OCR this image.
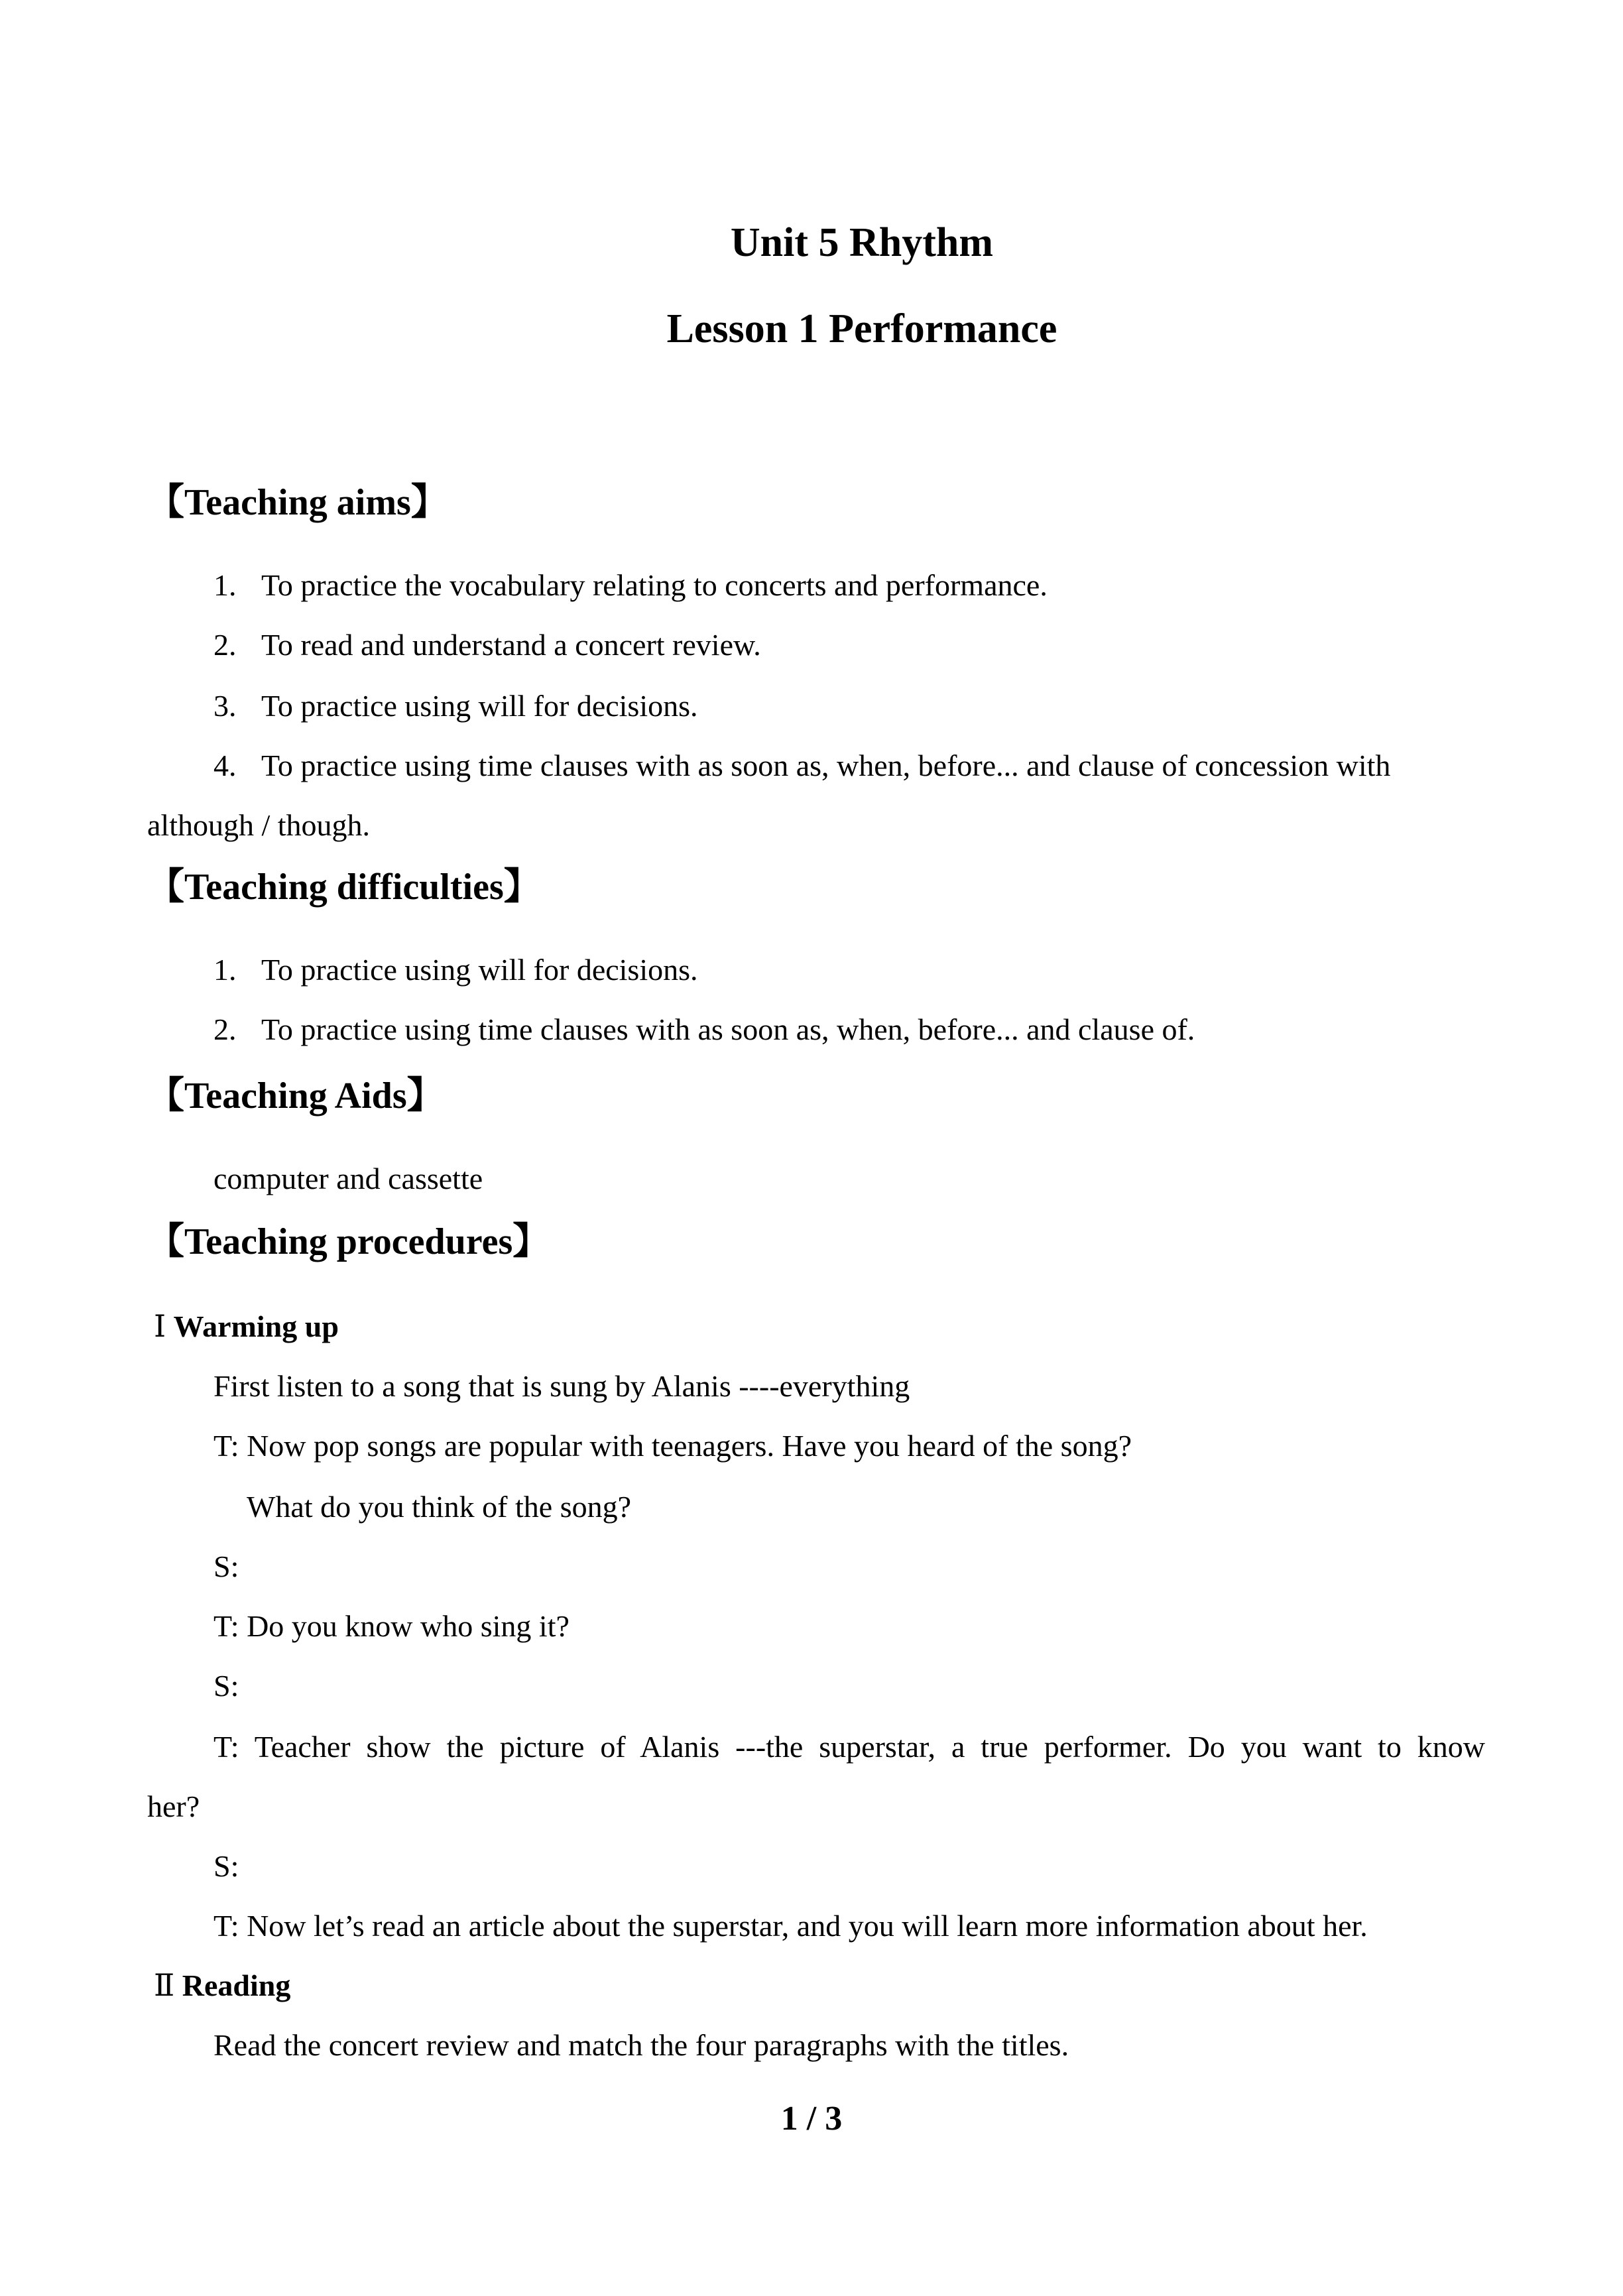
Unit 5 Rhythm
Lesson 1 Performance
【Teaching aims】
1. To practice the vocabulary relating to concerts and performance.
2. To read and understand a concert review.
3. To practice using will for decisions.
4. To practice using time clauses with as soon as, when, before... and clause of concession with
although / though.
【Teaching difficulties】
1. To practice using will for decisions.
2. To practice using time clauses with as soon as, when, before... and clause of.
【Teaching Aids】
computer and cassette
【Teaching procedures】
Ⅰ Warming up
First listen to a song that is sung by Alanis ----everything
T: Now pop songs are popular with teenagers. Have you heard of the song?
What do you think of the song?
S:
T: Do you know who sing it?
S:
T: Teacher show the picture of Alanis ---the superstar, a true performer. Do you want to know
her?
S:
T: Now let’s read an article about the superstar, and you will learn more information about her.
Ⅱ Reading
Read the concert review and match the four paragraphs with the titles.
1 / 3
